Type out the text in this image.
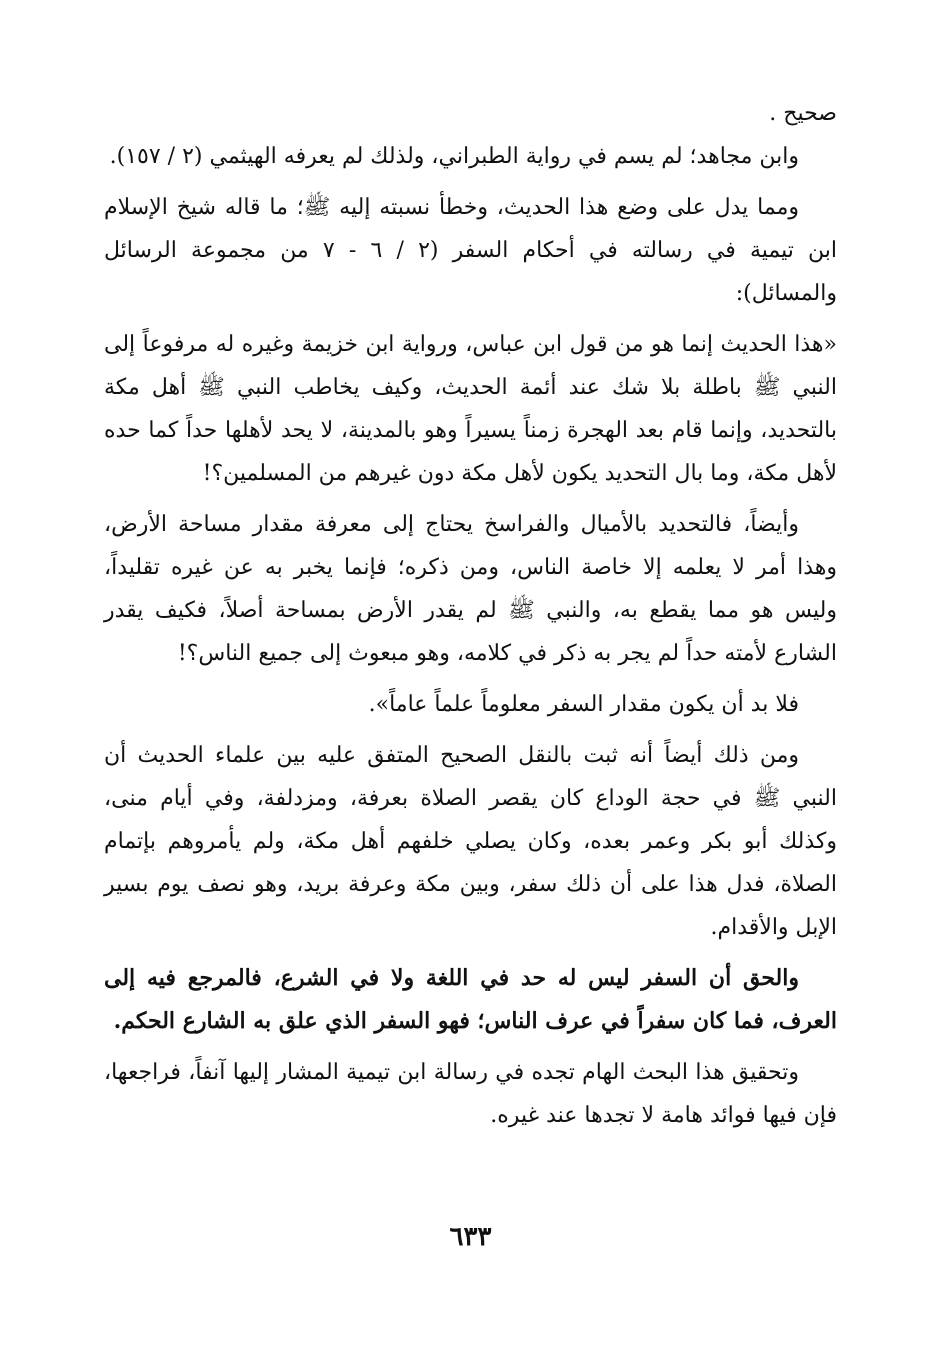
صحيح .

وابن مجاهد؛ لم يسم في رواية الطبراني، ولذلك لم يعرفه الهيثمي (٢ / ١٥٧).

ومما يدل على وضع هذا الحديث، وخطأ نسبته إليه ﷺ؛ ما قاله شيخ الإسلام ابن تيمية في رسالته في أحكام السفر (٢ / ٦ - ٧ من مجموعة الرسائل والمسائل):

«هذا الحديث إنما هو من قول ابن عباس، ورواية ابن خزيمة وغيره له مرفوعاً إلى النبي ﷺ باطلة بلا شك عند أئمة الحديث، وكيف يخاطب النبي ﷺ أهل مكة بالتحديد، وإنما قام بعد الهجرة زمناً يسيراً وهو بالمدينة، لا يحد لأهلها حداً كما حده لأهل مكة، وما بال التحديد يكون لأهل مكة دون غيرهم من المسلمين؟!

وأيضاً، فالتحديد بالأميال والفراسخ يحتاج إلى معرفة مقدار مساحة الأرض، وهذا أمر لا يعلمه إلا خاصة الناس، ومن ذكره؛ فإنما يخبر به عن غيره تقليداً، وليس هو مما يقطع به، والنبي ﷺ لم يقدر الأرض بمساحة أصلاً، فكيف يقدر الشارع لأمته حداً لم يجر به ذكر في كلامه، وهو مبعوث إلى جميع الناس؟!

فلا بد أن يكون مقدار السفر معلوماً علماً عاماً».

ومن ذلك أيضاً أنه ثبت بالنقل الصحيح المتفق عليه بين علماء الحديث أن النبي ﷺ في حجة الوداع كان يقصر الصلاة بعرفة، ومزدلفة، وفي أيام منى، وكذلك أبو بكر وعمر بعده، وكان يصلي خلفهم أهل مكة، ولم يأمروهم بإتمام الصلاة، فدل هذا على أن ذلك سفر، وبين مكة وعرفة بريد، وهو نصف يوم بسير الإبل والأقدام.

والحق أن السفر ليس له حد في اللغة ولا في الشرع، فالمرجع فيه إلى العرف، فما كان سفراً في عرف الناس؛ فهو السفر الذي علق به الشارع الحكم.

وتحقيق هذا البحث الهام تجده في رسالة ابن تيمية المشار إليها آنفاً، فراجعها، فإن فيها فوائد هامة لا تجدها عند غيره.

٦٣٣
